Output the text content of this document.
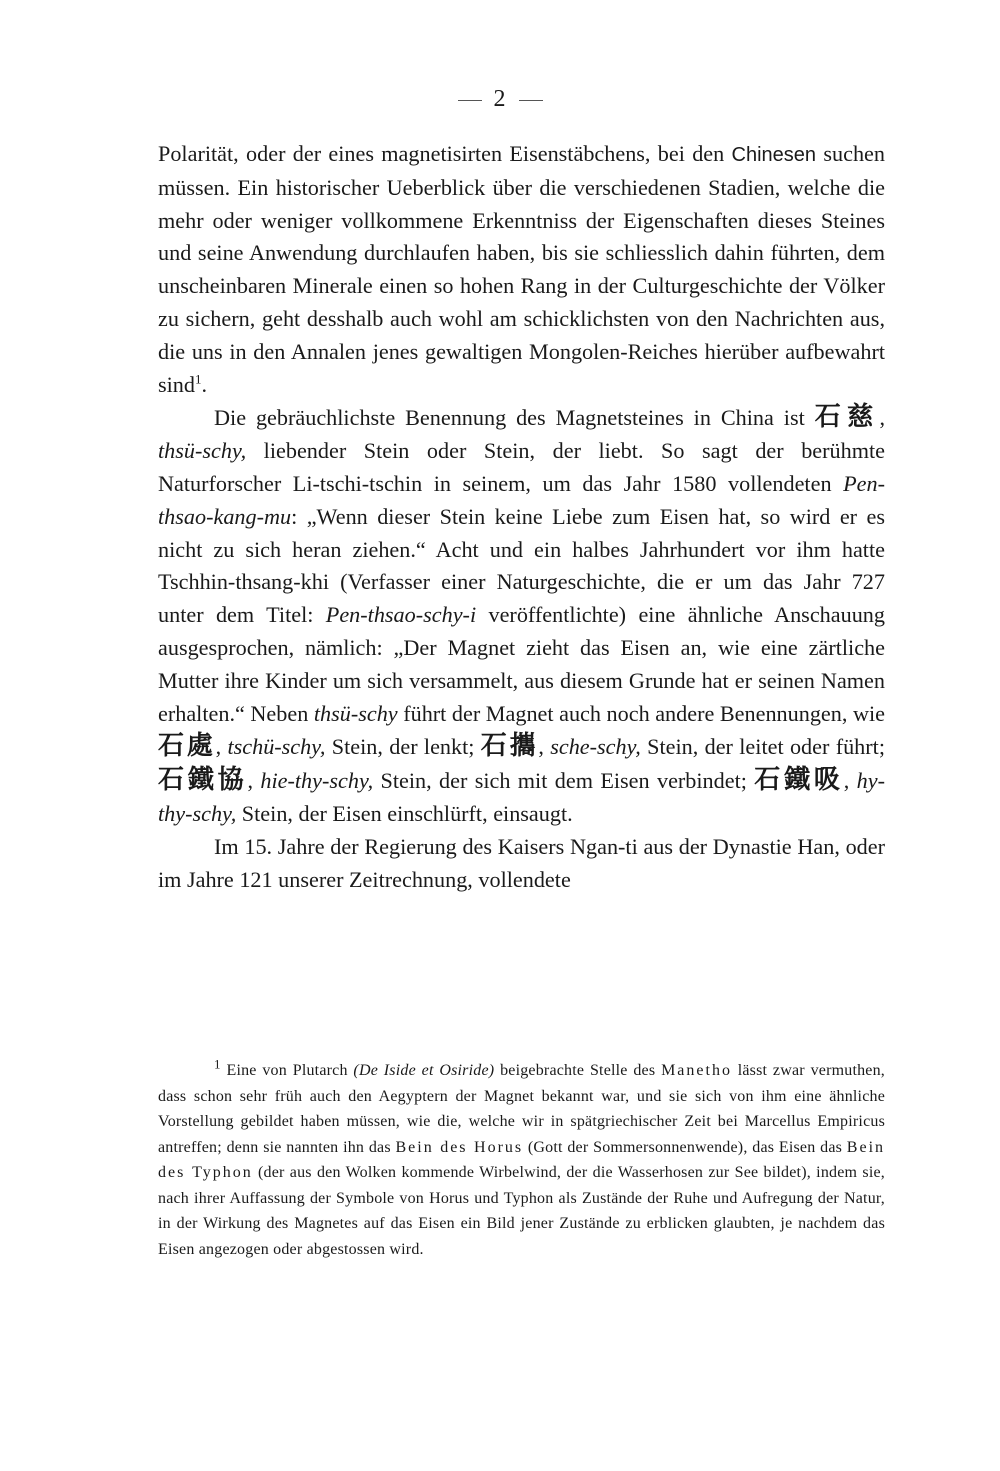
2

Polarität, oder der eines magnetisirten Eisenstäbchens, bei den Chinesen suchen müssen. Ein historischer Ueberblick über die verschiedenen Stadien, welche die mehr oder weniger vollkommene Erkenntniss der Eigenschaften dieses Steines und seine Anwendung durchlaufen haben, bis sie schliesslich dahin führten, dem unscheinbaren Minerale einen so hohen Rang in der Culturgeschichte der Völker zu sichern, geht desshalb auch wohl am schicklichsten von den Nachrichten aus, die uns in den Annalen jenes gewaltigen Mongolen-Reiches hierüber aufbewahrt sind$^1$.

Die gebräuchlichste Benennung des Magnetsteines in China ist 石慈, thsü-schy, liebender Stein oder Stein, der liebt. So sagt der berühmte Naturforscher Li-tschi-tschin in seinem, um das Jahr 1580 vollendeten Pen-thsao-kang-mu: „Wenn dieser Stein keine Liebe zum Eisen hat, so wird er es nicht zu sich heran ziehen.“ Acht und ein halbes Jahrhundert vor ihm hatte Tschhin-thsang-khi (Verfasser einer Naturgeschichte, die er um das Jahr 727 unter dem Titel: Pen-thsao-schy-i veröffentlichte) eine ähnliche Anschauung ausgesprochen, nämlich: „Der Magnet zieht das Eisen an, wie eine zärtliche Mutter ihre Kinder um sich versammelt, aus diesem Grunde hat er seinen Namen erhalten.“ Neben thsü-schy führt der Magnet auch noch andere Benennungen, wie 石處, tschü-schy, Stein, der lenkt; 石攜, sche-schy, Stein, der leitet oder führt; 石鐵協, hie-thy-schy, Stein, der sich mit dem Eisen verbindet; 石鐵吸, hy-thy-schy, Stein, der Eisen einschlürft, einsaugt.

Im 15. Jahre der Regierung des Kaisers Ngan-ti aus der Dynastie Han, oder im Jahre 121 unserer Zeitrechnung, vollendete

$^1$ Eine von Plutarch (De Iside et Osiride) beigebrachte Stelle des Manetho lässt zwar vermuthen, dass schon sehr früh auch den Aegyptern der Magnet bekannt war, und sie sich von ihm eine ähnliche Vorstellung gebildet haben müssen, wie die, welche wir in spätgriechischer Zeit bei Marcellus Empiricus antreffen; denn sie nannten ihn das Bein des Horus (Gott der Sommersonnenwende), das Eisen das Bein des Typhon (der aus den Wolken kommende Wirbelwind, der die Wasserhosen zur See bildet), indem sie, nach ihrer Auffassung der Symbole von Horus und Typhon als Zustände der Ruhe und Aufregung der Natur, in der Wirkung des Magnetes auf das Eisen ein Bild jener Zustände zu erblicken glaubten, je nachdem das Eisen angezogen oder abgestossen wird.
